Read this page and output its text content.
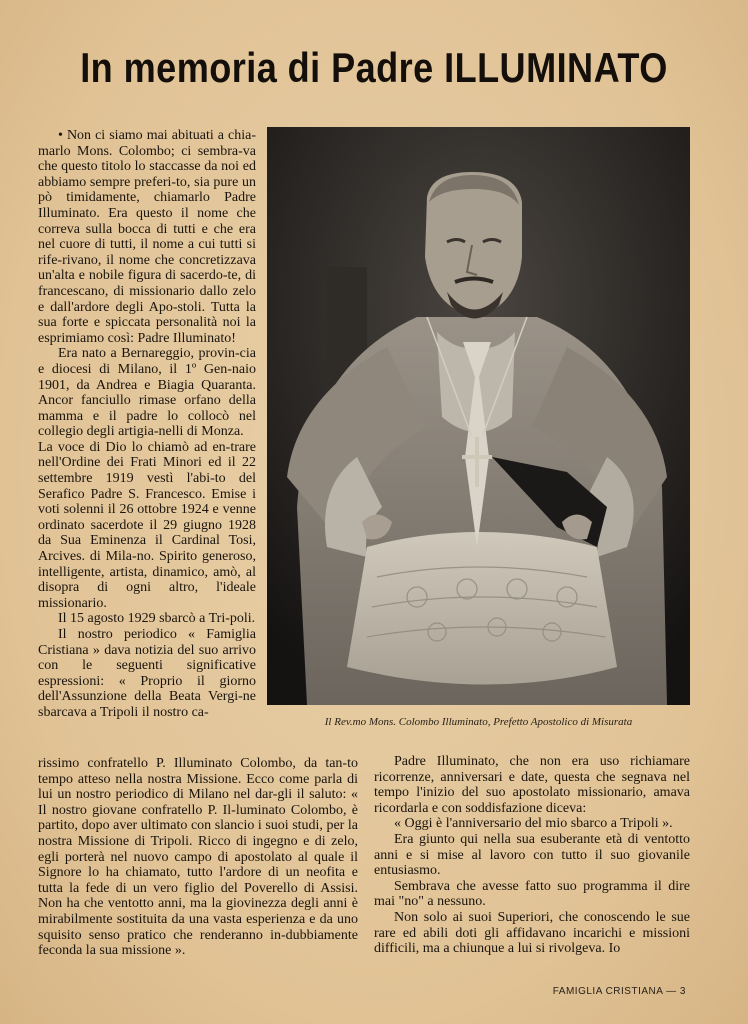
In memoria di Padre ILLUMINATO

• Non ci siamo mai abituati a chia-marlo Mons. Colombo; ci sembra-va che questo titolo lo staccasse da noi ed abbiamo sempre preferi-to, sia pure un pò timidamente, chiamarlo Padre Illuminato. Era questo il nome che correva sulla bocca di tutti e che era nel cuore di tutti, il nome a cui tutti si rife-rivano, il nome che concretizzava un'alta e nobile figura di sacerdo-te, di francescano, di missionario dallo zelo e dall'ardore degli Apo-stoli. Tutta la sua forte e spiccata personalità noi la esprimiamo così: Padre Illuminato!

Era nato a Bernareggio, provin-cia e diocesi di Milano, il 1º Gen-naio 1901, da Andrea e Biagia Quaranta. Ancor fanciullo rimase orfano della mamma e il padre lo collocò nel collegio degli artigia-nelli di Monza.

La voce di Dio lo chiamò ad en-trare nell'Ordine dei Frati Minori ed il 22 settembre 1919 vestì l'abi-to del Serafico Padre S. Francesco. Emise i voti solenni il 26 ottobre 1924 e venne ordinato sacerdote il 29 giugno 1928 da Sua Eminenza il Cardinal Tosi, Arcives. di Mila-no. Spirito generoso, intelligente, artista, dinamico, amò, al disopra di ogni altro, l'ideale missionario.

Il 15 agosto 1929 sbarcò a Tri-poli.

Il nostro periodico « Famiglia Cristiana » dava notizia del suo arrivo con le seguenti significative espressioni: « Proprio il giorno dell'Assunzione della Beata Vergi-ne sbarcava a Tripoli il nostro ca-

Il Rev.mo Mons. Colombo Illuminato, Prefetto Apostolico di Misurata

rissimo confratello P. Illuminato Colombo, da tan-to tempo atteso nella nostra Missione. Ecco come parla di lui un nostro periodico di Milano nel dar-gli il saluto: « Il nostro giovane confratello P. Il-luminato Colombo, è partito, dopo aver ultimato con slancio i suoi studi, per la nostra Missione di Tripoli. Ricco di ingegno e di zelo, egli porterà nel nuovo campo di apostolato al quale il Signore lo ha chiamato, tutto l'ardore di un neofita e tutta la fede di un vero figlio del Poverello di Assisi. Non ha che ventotto anni, ma la giovinezza degli anni è mirabilmente sostituita da una vasta esperienza e da uno squisito senso pratico che renderanno in-dubbiamente feconda la sua missione ».

Padre Illuminato, che non era uso richiamare ricorrenze, anniversari e date, questa che segnava nel tempo l'inizio del suo apostolato missionario, amava ricordarla e con soddisfazione diceva:

« Oggi è l'anniversario del mio sbarco a Tripoli ».

Era giunto qui nella sua esuberante età di ventotto anni e si mise al lavoro con tutto il suo giovanile entusiasmo.

Sembrava che avesse fatto suo programma il dire mai "no" a nessuno.

Non solo ai suoi Superiori, che conoscendo le sue rare ed abili doti gli affidavano incarichi e missioni difficili, ma a chiunque a lui si rivolgeva. Io

FAMIGLIA CRISTIANA — 3
